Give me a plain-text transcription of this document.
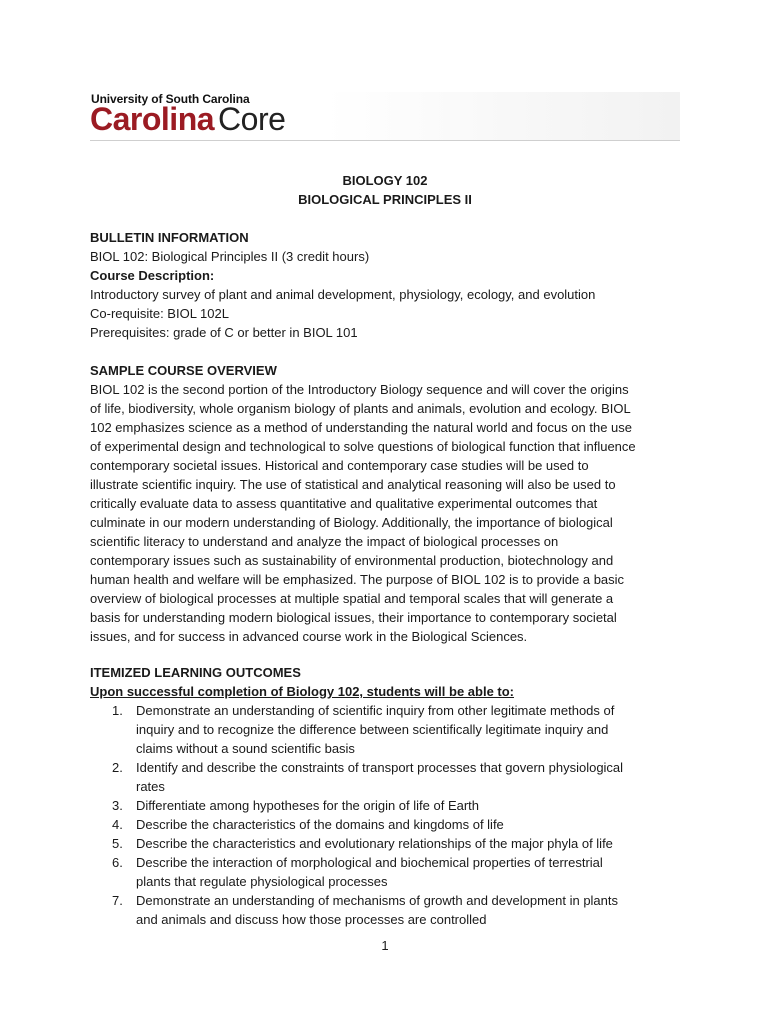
University of South Carolina
Carolina Core
BIOLOGY 102
BIOLOGICAL PRINCIPLES II
BULLETIN INFORMATION
BIOL 102: Biological Principles II (3 credit hours)
Course Description:
Introductory survey of plant and animal development, physiology, ecology, and evolution
Co-requisite: BIOL 102L
Prerequisites: grade of C or better in BIOL 101
SAMPLE COURSE OVERVIEW
BIOL 102 is the second portion of the Introductory Biology sequence and will cover the origins
of life, biodiversity, whole organism biology of plants and animals, evolution and ecology. BIOL
102 emphasizes science as a method of understanding the natural world and focus on the use
of experimental design and technological to solve questions of biological function that influence
contemporary societal issues. Historical and contemporary case studies will be used to
illustrate scientific inquiry. The use of statistical and analytical reasoning will also be used to
critically evaluate data to assess quantitative and qualitative experimental outcomes that
culminate in our modern understanding of Biology. Additionally, the importance of biological
scientific literacy to understand and analyze the impact of biological processes on
contemporary issues such as sustainability of environmental production, biotechnology and
human health and welfare will be emphasized. The purpose of BIOL 102 is to provide a basic
overview of biological processes at multiple spatial and temporal scales that will generate a
basis for understanding modern biological issues, their importance to contemporary societal
issues, and for success in advanced course work in the Biological Sciences.
ITEMIZED LEARNING OUTCOMES
Upon successful completion of Biology 102, students will be able to:
1. Demonstrate an understanding of scientific inquiry from other legitimate methods of
inquiry and to recognize the difference between scientifically legitimate inquiry and
claims without a sound scientific basis
2. Identify and describe the constraints of transport processes that govern physiological
rates
3. Differentiate among hypotheses for the origin of life of Earth
4. Describe the characteristics of the domains and kingdoms of life
5. Describe the characteristics and evolutionary relationships of the major phyla of life
6. Describe the interaction of morphological and biochemical properties of terrestrial
plants that regulate physiological processes
7. Demonstrate an understanding of mechanisms of growth and development in plants
and animals and discuss how those processes are controlled
1
